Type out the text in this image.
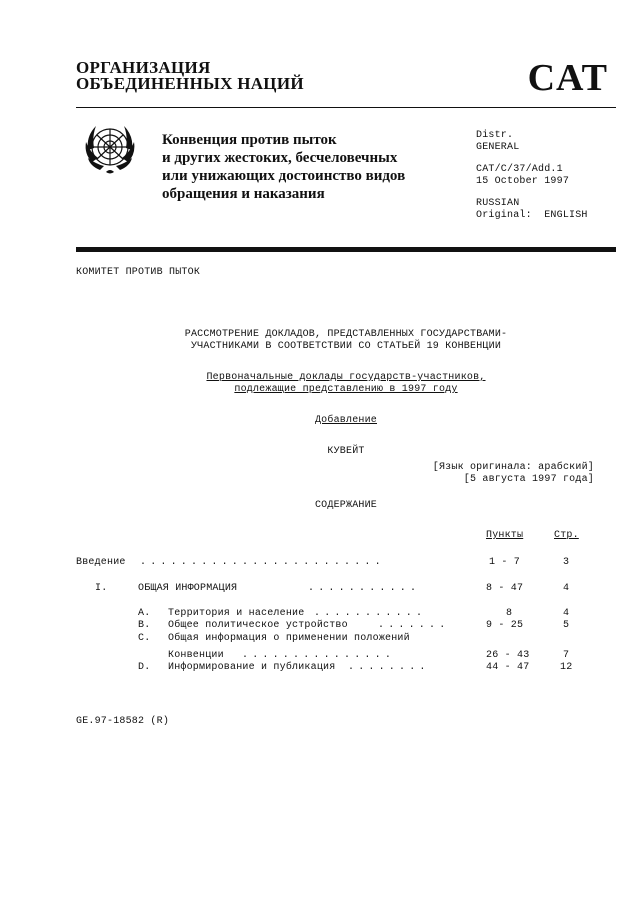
ОРГАНИЗАЦИЯ
ОБЪЕДИНЕННЫХ НАЦИЙ	CAT
Конвенция против пыток
и других жестоких, бесчеловечных
или унижающих достоинство видов
обращения и наказания
Distr.
GENERAL
CAT/C/37/Add.1
15 October 1997
RUSSIAN
Original:  ENGLISH
КОМИТЕТ ПРОТИВ ПЫТОК
РАССМОТРЕНИЕ ДОКЛАДОВ, ПРЕДСТАВЛЕННЫХ ГОСУДАРСТВАМИ-
УЧАСТНИКАМИ В СООТВЕТСТВИИ СО СТАТЬЕЙ 19 КОНВЕНЦИИ
Первоначальные доклады государств-участников,
подлежащие представлению в 1997 году
Добавление
КУВЕЙТ
[Язык оригинала: арабский]
[5 августа 1997 года]
СОДЕРЖАНИЕ
Пункты	Стр.
Введение ........................	1 - 7	3
I.	ОБЩАЯ ИНФОРМАЦИЯ	...........	8 - 47	4
A. Территория и население ...........	8	4
B. Общее политическое устройство	.......	9 - 25	5
C. Общая информация о применении положений
Конвенции ...............	26 - 43	7
D. Информирование и публикация ........	44 - 47	12
GE.97-18582 (R)
